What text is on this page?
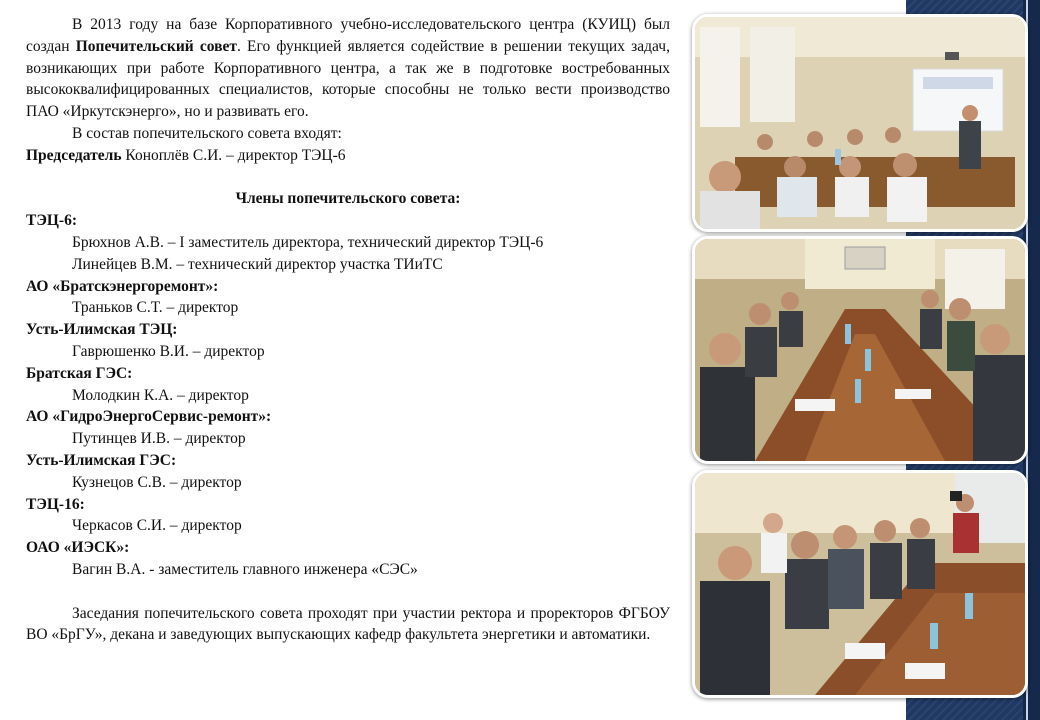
В 2013 году на базе Корпоративного учебно-исследовательского центра (КУИЦ) был создан Попечительский совет. Его функцией является содействие в решении текущих задач, возникающих при работе Корпоративного центра, а так же в подготовке востребованных высококвалифицированных специалистов, которые способны не только вести производство ПАО «Иркутскэнерго», но и развивать его.

В состав попечительского совета входят:

Председатель Коноплёв С.И. – директор ТЭЦ-6

Члены попечительского совета:

ТЭЦ-6:

Брюхнов А.В. – I заместитель директора, технический директор ТЭЦ-6

Линейцев В.М. – технический директор участка ТИиТС

АО «Братскэнергоремонт»:

Траньков С.Т. – директор

Усть-Илимская ТЭЦ:

Гаврюшенко В.И. – директор

Братская ГЭС:

Молодкин К.А. – директор

АО «ГидроЭнергоСервис-ремонт»:

Путинцев И.В. – директор

Усть-Илимская ГЭС:

Кузнецов С.В. – директор

ТЭЦ-16:

Черкасов С.И. – директор

ОАО «ИЭСК»:

Вагин В.А. - заместитель главного инженера «СЭС»

Заседания попечительского совета проходят при участии ректора и проректоров ФГБОУ ВО «БрГУ», декана и заведующих выпускающих кафедр факультета энергетики и автоматики.
